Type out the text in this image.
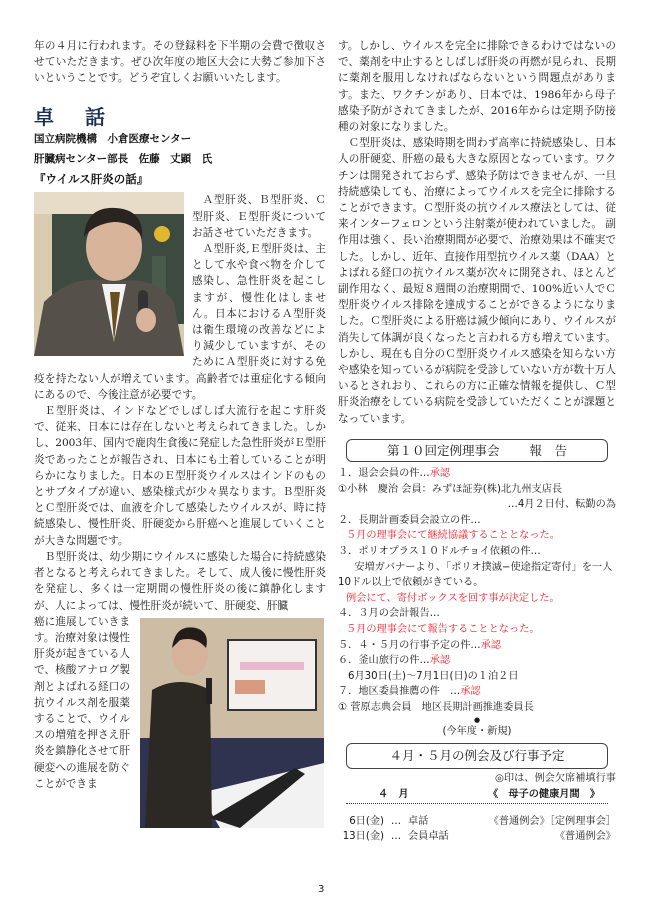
年の４月に行われます。その登録料を下半期の会費で徴収させていただきます。ぜひ次年度の地区大会に大勢ご参加下さいということです。どうぞ宜しくお願いいたします。

卓 話
国立病院機構　小倉医療センター
肝臓病センター部長　佐藤　丈顕　氏
『ウイルス肝炎の話』

Ａ型肝炎、Ｂ型肝炎、Ｃ型肝炎、Ｅ型肝炎についてお話させていただきます。

Ａ型肝炎,Ｅ型肝炎は、主として水や食べ物を介して感染し、急性肝炎を起こしますが、慢性化はしません。日本におけるＡ型肝炎は衛生環境の改善などにより減少していますが、そのためにＡ型肝炎に対する免疫を持たない人が増えています。高齢者では重症化する傾向にあるので、今後注意が必要です。

Ｅ型肝炎は、インドなどでしばしば大流行を起こす肝炎で、従来、日本には存在しないと考えられてきました。しかし、2003年、国内で鹿肉生食後に発症した急性肝炎がＥ型肝炎であったことが報告され、日本にも土着していることが明らかになりました。日本のＥ型肝炎ウイルスはインドのものとサブタイプが違い、感染様式が少々異なります。Ｂ型肝炎とＣ型肝炎では、血液を介して感染したウイルスが、時に持続感染し、慢性肝炎、肝硬変から肝癌へと進展していくことが大きな問題です。

Ｂ型肝炎は、幼少期にウイルスに感染した場合に持続感染者となると考えられてきました。そして、成人後に慢性肝炎を発症し、多くは一定期間の慢性肝炎の後に鎮静化しますが、人によっては、慢性肝炎が続いて、肝硬変、肝臓

癌に進展していきます。治療対象は慢性肝炎が起きている人で、核酸アナログ製剤とよばれる経口の抗ウイルス剤を服薬することで、ウイルスの増殖を押さえ肝炎を鎮静化させて肝硬変への進展を防ぐことができま

す。しかし、ウイルスを完全に排除できるわけではないので、薬剤を中止するとしばしば肝炎の再燃が見られ、長期に薬剤を服用しなければならないという問題点があります。また、ワクチンがあり、日本では、1986年から母子感染予防がされてきましたが、2016年からは定期予防接種の対象になりました。

Ｃ型肝炎は、感染時期を問わず高率に持続感染し、日本人の肝硬変、肝癌の最も大きな原因となっています。ワクチンは開発されておらず、感染予防はできませんが、一旦持続感染しても、治療によってウイルスを完全に排除することができます。Ｃ型肝炎の抗ウイルス療法としては、従来インターフェロンという注射薬が使われていました。 副作用は強く、長い治療期間が必要で、治療効果は不確実でした。しかし、近年、直接作用型抗ウイルス薬（DAA）とよばれる経口の抗ウイルス薬が次々に開発され、ほとんど副作用なく、最短８週間の治療期間で、100%近い人でＣ型肝炎ウイルス排除を達成することができるようになりました。Ｃ型肝炎による肝癌は減少傾向にあり、ウイルスが消失して体調が良くなったと言われる方も増えています。しかし、現在も自分のＣ型肝炎ウイルス感染を知らない方や感染を知っているが病院を受診していない方が数十万人いるとされおり、これらの方に正確な情報を提供し、Ｃ型肝炎治療をしている病院を受診していただくことが課題となっています。

第１０回定例理事会 報　告
１．退会会員の件…承認
①小林　慶治 会員：みずほ証券(株)北九州支店長
…4月２日付、転勤の為
２．長期計画委員会設立の件…
５月の理事会にて継続協議することとなった。
３．ポリオプラス１０ドルチョイ依頼の件…
安増ガバナーより、「ポリオ撲滅−使途指定寄付」を一人10ドル以上で依頼がきている。
例会にて、寄付ボックスを回す事が決定した。
４．３月の会計報告…
５月の理事会にて報告することとなった。
５．４・５月の行事予定の件…承認
６．釜山旅行の件…承認
6月30日(土)〜7月1日(日)の１泊２日
７．地区委員推薦の件　…承認
① 菅原志典会員　地区長期計画推進委員長
●
(今年度・新規)
４月・５月の例会及び行事予定
◎印は、例会欠席補填行事
４　月	《　母子の健康月間　》
6日(金) … 卓話	《普通例会》［定例理事会］
13日(金) … 会員卓話	《普通例会》
3
